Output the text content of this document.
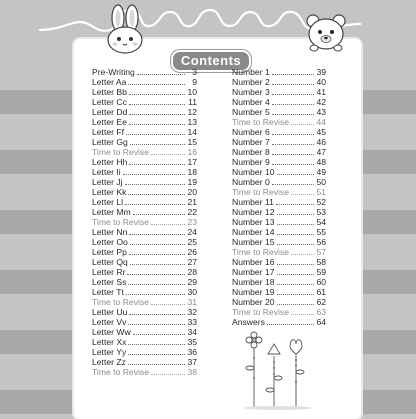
Contents
Pre-Writing	3
Letter Aa	9
Letter Bb	10
Letter Cc	11
Letter Dd	12
Letter Ee	13
Letter Ff	14
Letter Gg	15
Time to Revise	16
Letter Hh	17
Letter Ii	18
Letter Jj	19
Letter Kk	20
Letter Ll	21
Letter Mm	22
Time to Revise	23
Letter Nn	24
Letter Oo	25
Letter Pp	26
Letter Qq	27
Letter Rr	28
Letter Ss	29
Letter Tt	30
Time to Revise	31
Letter Uu	32
Letter Vv	33
Letter Ww	34
Letter Xx	35
Letter Yy	36
Letter Zz	37
Time to Revise	38
Number 1	39
Number 2	40
Number 3	41
Number 4	42
Number 5	43
Time to Revise	44
Number 6	45
Number 7	46
Number 8	47
Number 9	48
Number 10	49
Number 0	50
Time to Revise	51
Number 11	52
Number 12	53
Number 13	54
Number 14	55
Number 15	56
Time to Revise	57
Number 16	58
Number 17	59
Number 18	60
Number 19	61
Number 20	62
Time to Revise	63
Answers	64
